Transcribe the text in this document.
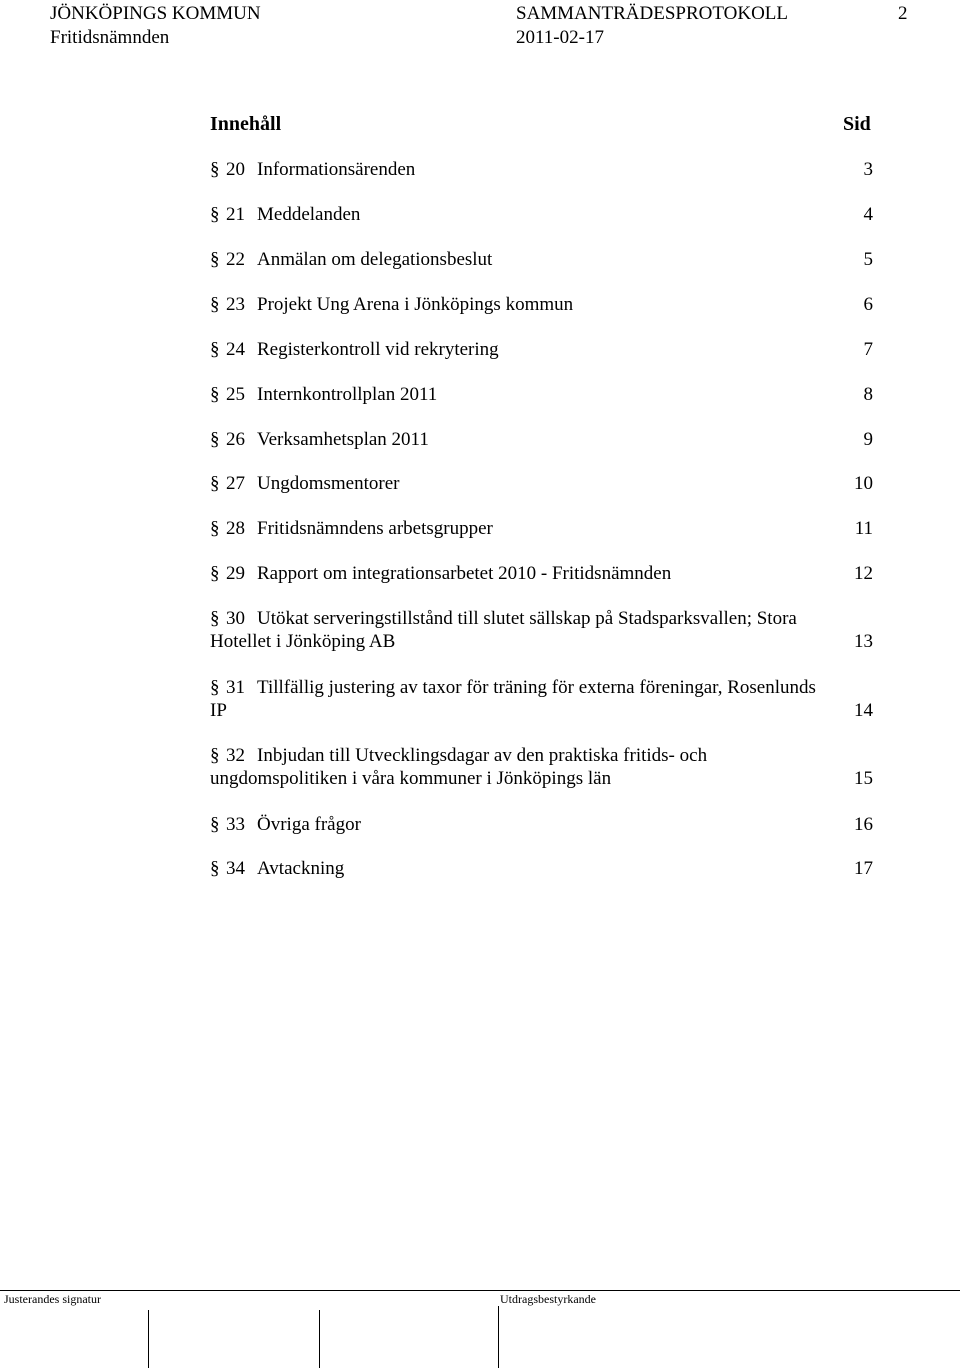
JÖNKÖPINGS KOMMUN
Fritidsnämnden
SAMMANTRÄDESPROTOKOLL
2011-02-17
2
Innehåll	Sid
§ 20 Informationsärenden	3
§ 21 Meddelanden	4
§ 22 Anmälan om delegationsbeslut	5
§ 23 Projekt Ung Arena i Jönköpings kommun	6
§ 24 Registerkontroll vid rekrytering	7
§ 25 Internkontrollplan 2011	8
§ 26 Verksamhetsplan 2011	9
§ 27 Ungdomsmentorer	10
§ 28 Fritidsnämndens arbetsgrupper	11
§ 29 Rapport om integrationsarbetet 2010 - Fritidsnämnden	12
§ 30 Utökat serveringstillstånd till slutet sällskap på Stadsparksvallen; Stora
Hotellet i Jönköping AB	13
§ 31 Tillfällig justering av taxor för träning för externa föreningar, Rosenlunds
IP	14
§ 32 Inbjudan till Utvecklingsdagar av den praktiska fritids- och
ungdomspolitiken i våra kommuner i Jönköpings län	15
§ 33 Övriga frågor	16
§ 34 Avtackning	17
Justerandes signatur	Utdragsbestyrkande
